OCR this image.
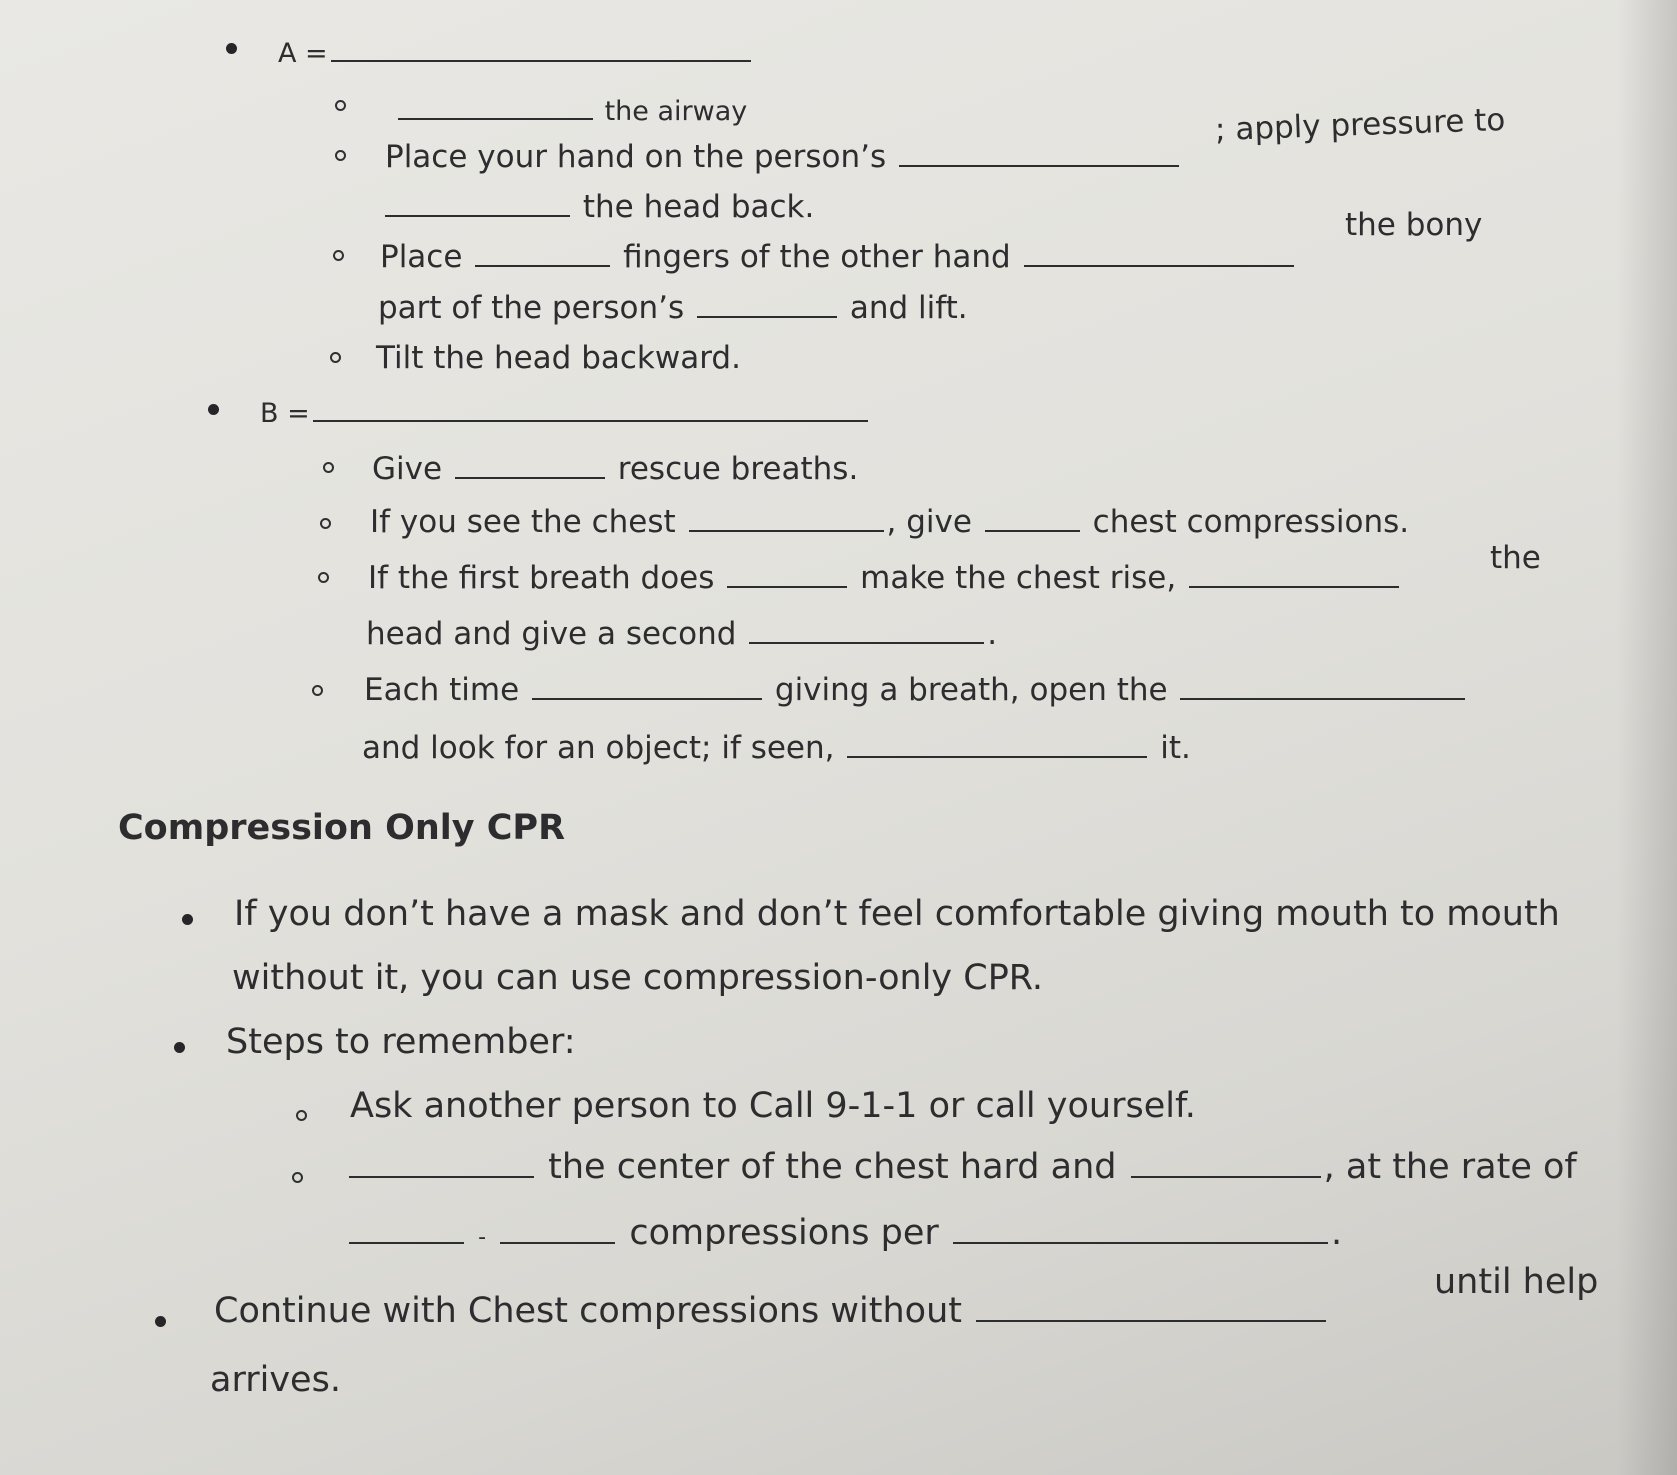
A =
the airway
Place your hand on the person’s
; apply pressure to
the head back.
Place	fingers of the other hand
the bony
part of the person’s	and lift.
Tilt the head backward.
B =
Give	rescue breaths.
If you see the chest	, give	chest compressions.
If the first breath does	make the chest rise,
the
head and give a second	.
Each time	giving a breath, open the
and look for an object; if seen,	it.
Compression Only CPR
If you don’t have a mask and don’t feel comfortable giving mouth to mouth
without it, you can use compression-only CPR.
Steps to remember:
Ask another person to Call 9-1-1 or call yourself.
the center of the chest hard and	, at the rate of
-	compressions per	.
Continue with Chest compressions without
until help
arrives.
